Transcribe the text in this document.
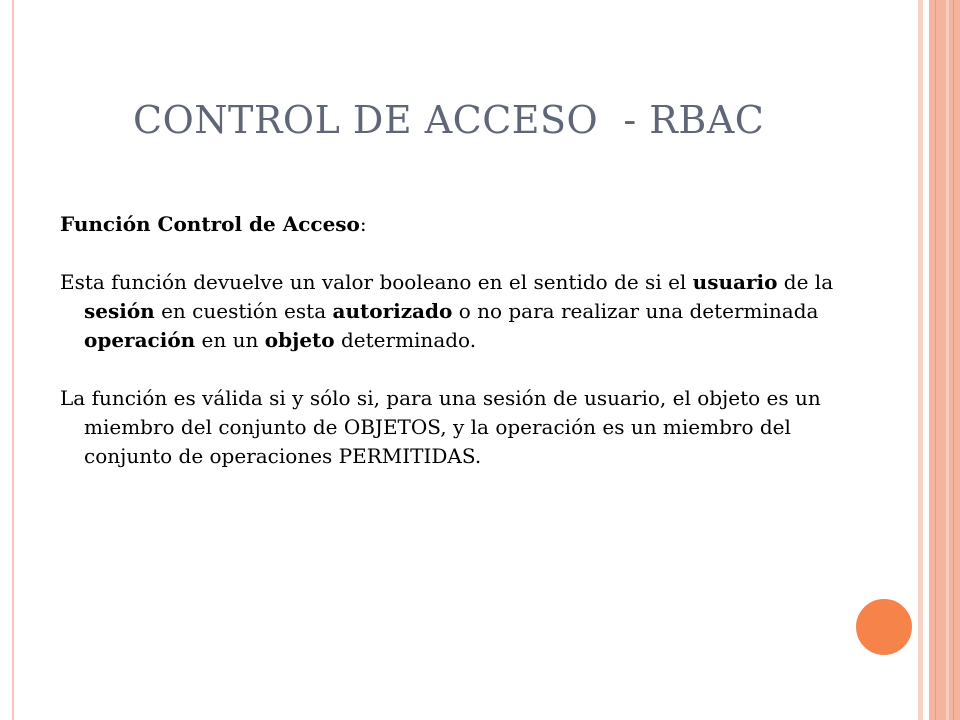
CONTROL DE ACCESO  - RBAC

Función Control de Acceso:

Esta función devuelve un valor booleano en el sentido de si el usuario de la sesión en cuestión esta autorizado o no para realizar una determinada operación en un objeto determinado.

La función es válida si y sólo si, para una sesión de usuario, el objeto es un miembro del conjunto de OBJETOS, y la operación es un miembro del conjunto de operaciones PERMITIDAS.
